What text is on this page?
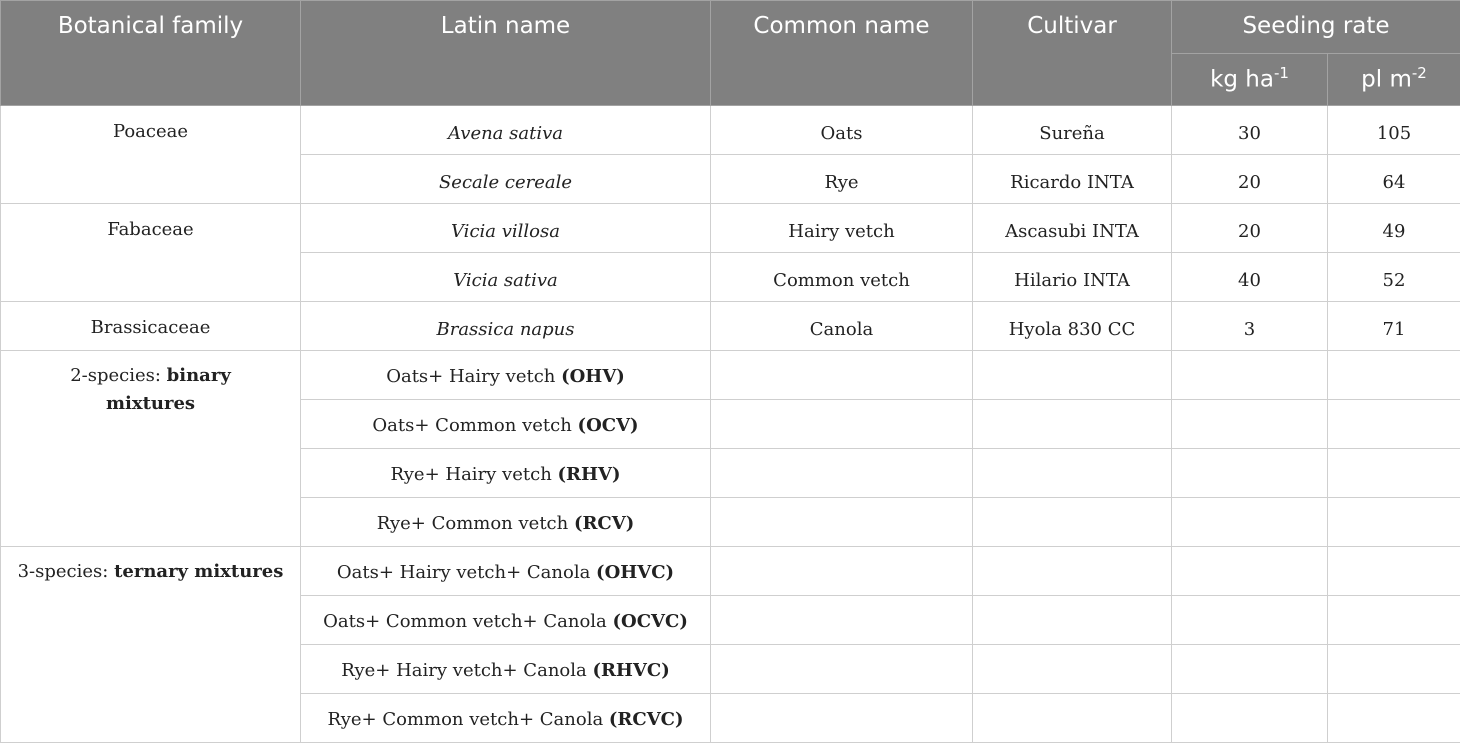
Botanical family	Latin name	Common name	Cultivar	Seeding rate	
				kg $ha^{-1}$	pl $m^{-2}$
Poaceae	Avena sativa	Oats	Sureña	30	105
	Secale cereale	Rye	Ricardo INTA	20	64
Fabaceae	Vicia villosa	Hairy vetch	Ascasubi INTA	20	49
	Vicia sativa	Common vetch	Hilario INTA	40	52
Brassicaceae	Brassica napus	Canola	Hyola 830 CC	3	71
2-species: binary mixtures	Oats+ Hairy vetch (OHV)				
	Oats+ Common vetch (OCV)				
	Rye+ Hairy vetch (RHV)				
	Rye+ Common vetch (RCV)				
3-species: ternary mixtures	Oats+ Hairy vetch+ Canola (OHVC)				
	Oats+ Common vetch+ Canola (OCVC)				
	Rye+ Hairy vetch+ Canola (RHVC)				
	Rye+ Common vetch+ Canola (RCVC)				
